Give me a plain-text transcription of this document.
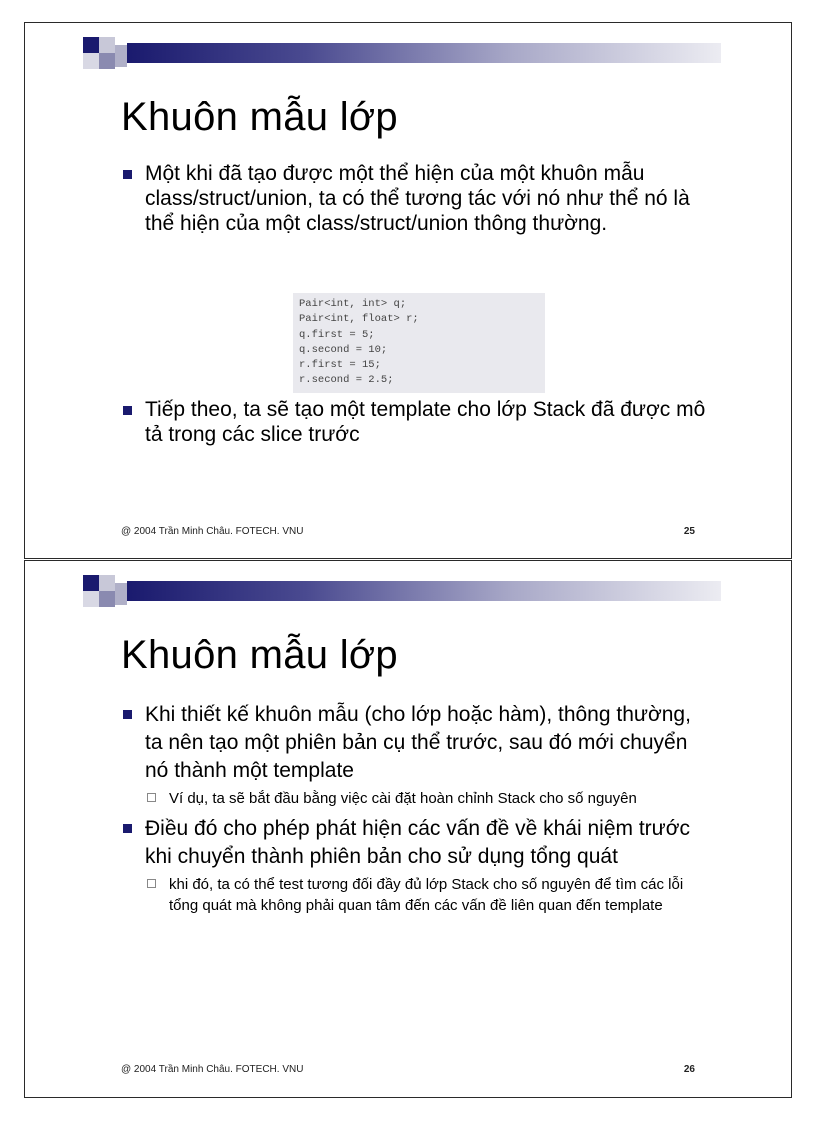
Khuôn mẫu lớp
Một khi đã tạo được một thể hiện của một khuôn mẫu class/struct/union, ta có thể tương tác với nó như thể nó là thể hiện của một class/struct/union thông thường.
Pair<int, int> q;
Pair<int, float> r;
q.first = 5;
q.second = 10;
r.first = 15;
r.second = 2.5;
Tiếp theo, ta sẽ tạo một template cho lớp Stack đã được mô tả trong các slice trước
@ 2004 Trần Minh Châu. FOTECH. VNU	25
Khuôn mẫu lớp
Khi thiết kế khuôn mẫu (cho lớp hoặc hàm), thông thường, ta nên tạo một phiên bản cụ thể trước, sau đó mới chuyển nó thành một template
Ví dụ, ta sẽ bắt đầu bằng việc cài đặt hoàn chỉnh Stack cho số nguyên
Điều đó cho phép phát hiện các vấn đề về khái niệm trước khi chuyển thành phiên bản cho sử dụng tổng quát
khi đó, ta có thể test tương đối đầy đủ lớp Stack cho số nguyên để tìm các lỗi tổng quát mà không phải quan tâm đến các vấn đề liên quan đến template
@ 2004 Trần Minh Châu. FOTECH. VNU	26
